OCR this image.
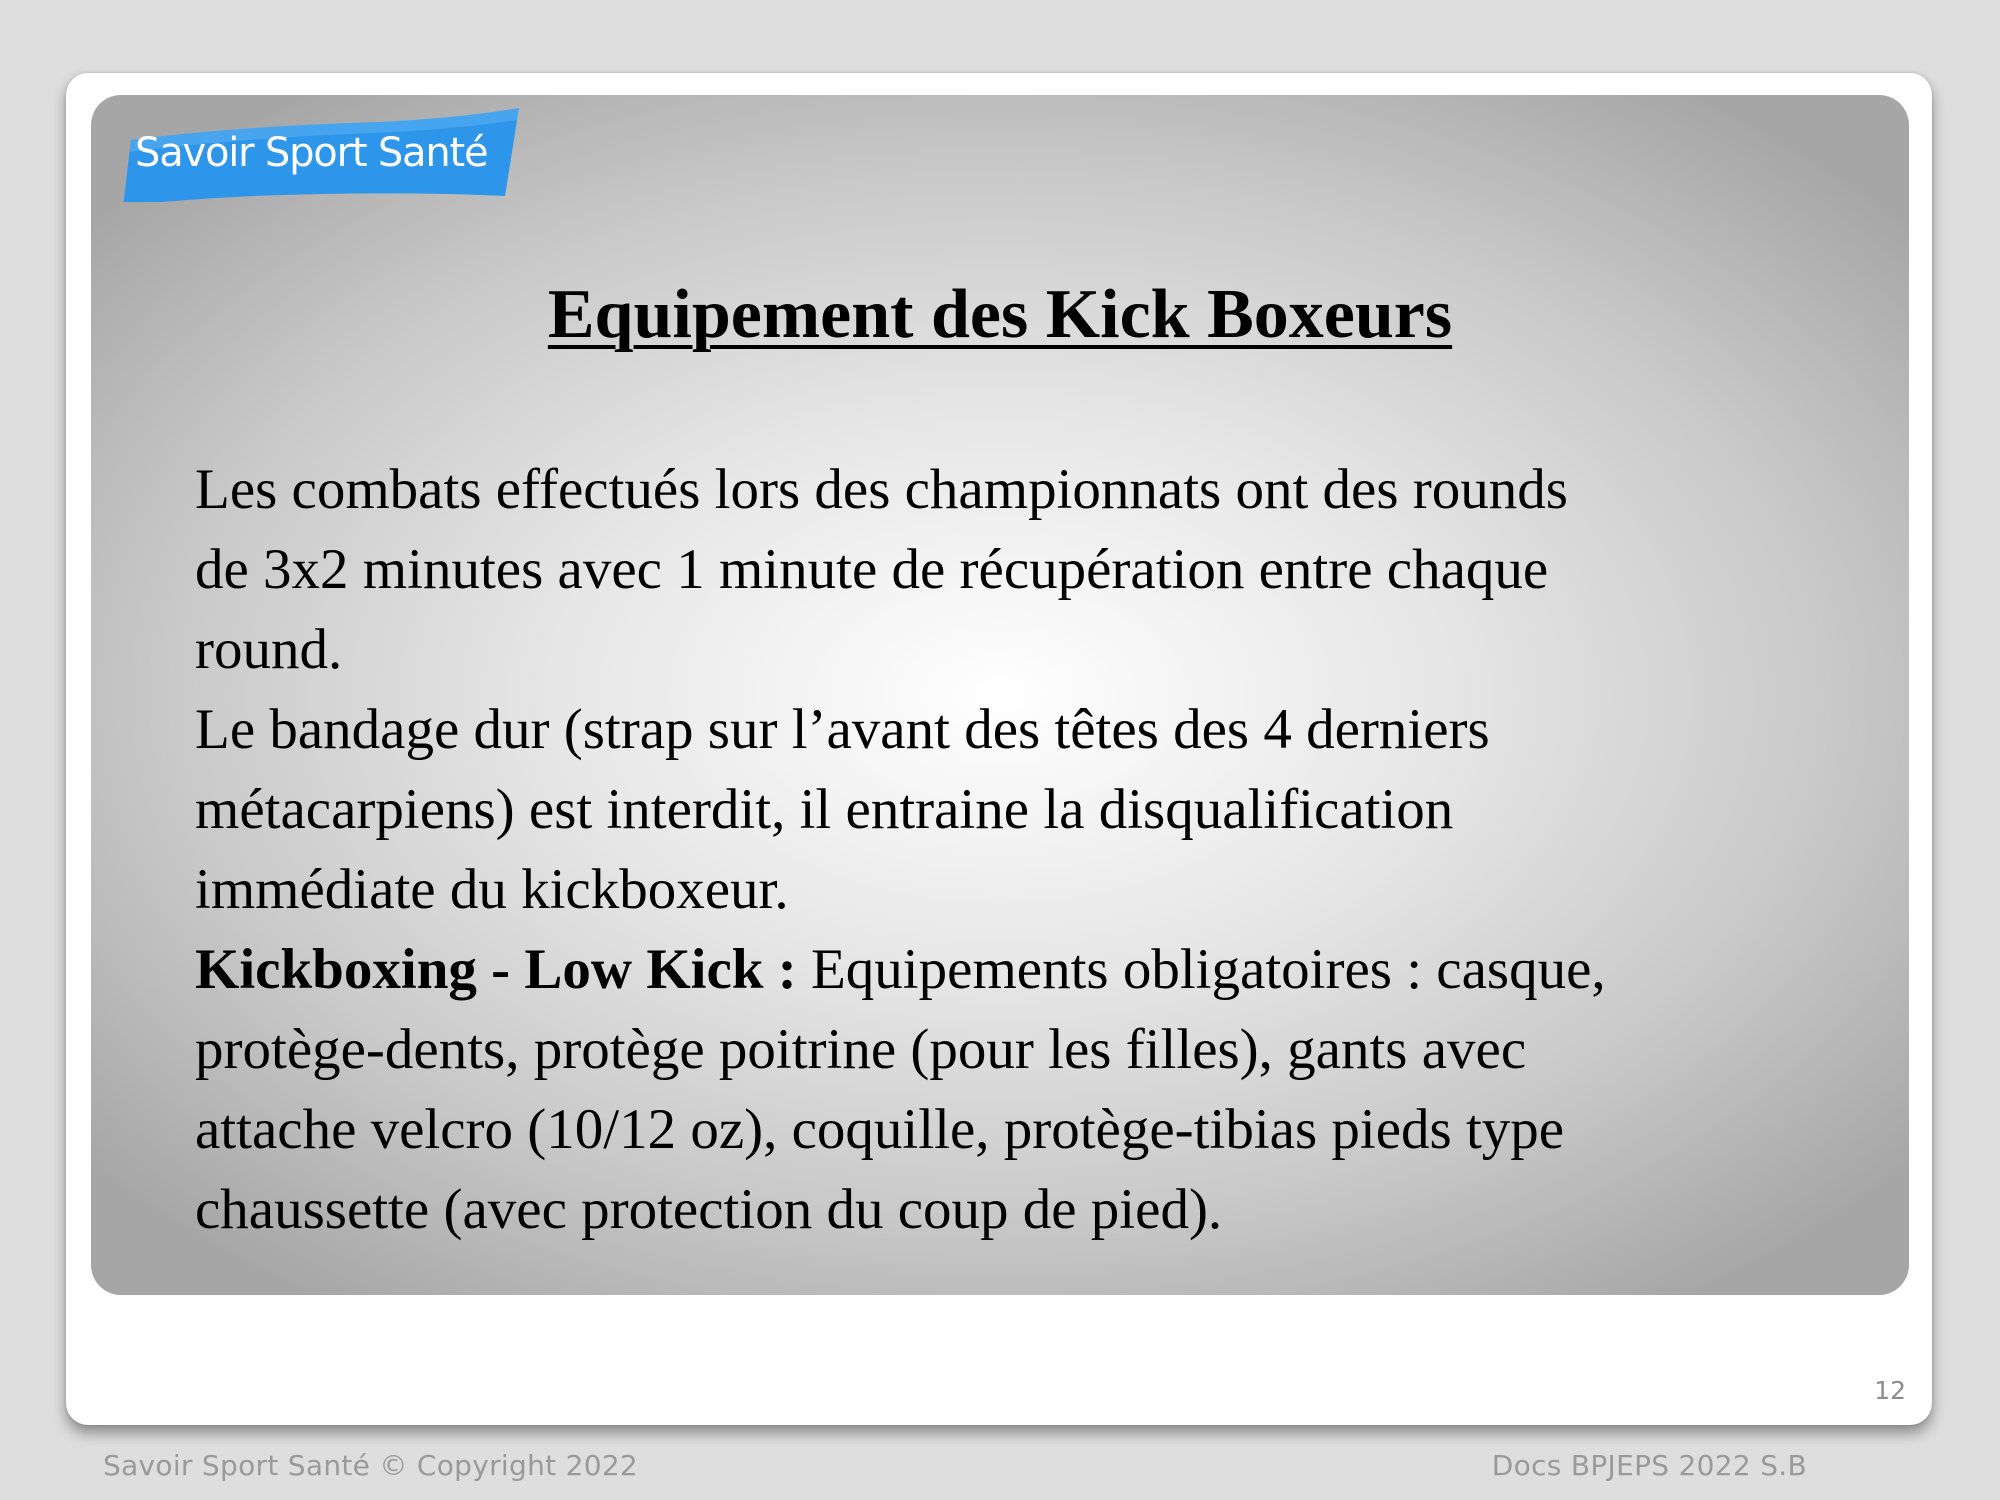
Savoir Sport Santé
Equipement des Kick Boxeurs

Les combats effectués lors des championnats ont des rounds
de 3x2 minutes avec 1 minute de récupération entre chaque
round.

Le bandage dur (strap sur l’avant des têtes des 4 derniers
métacarpiens) est interdit, il entraine la disqualification
immédiate du kickboxeur.

Kickboxing - Low Kick : Equipements obligatoires : casque,
protège-dents, protège poitrine (pour les filles), gants avec
attache velcro (10/12 oz), coquille, protège-tibias pieds type
chaussette (avec protection du coup de pied).

12
Savoir Sport Santé © Copyright 2022	Docs BPJEPS 2022 S.B
